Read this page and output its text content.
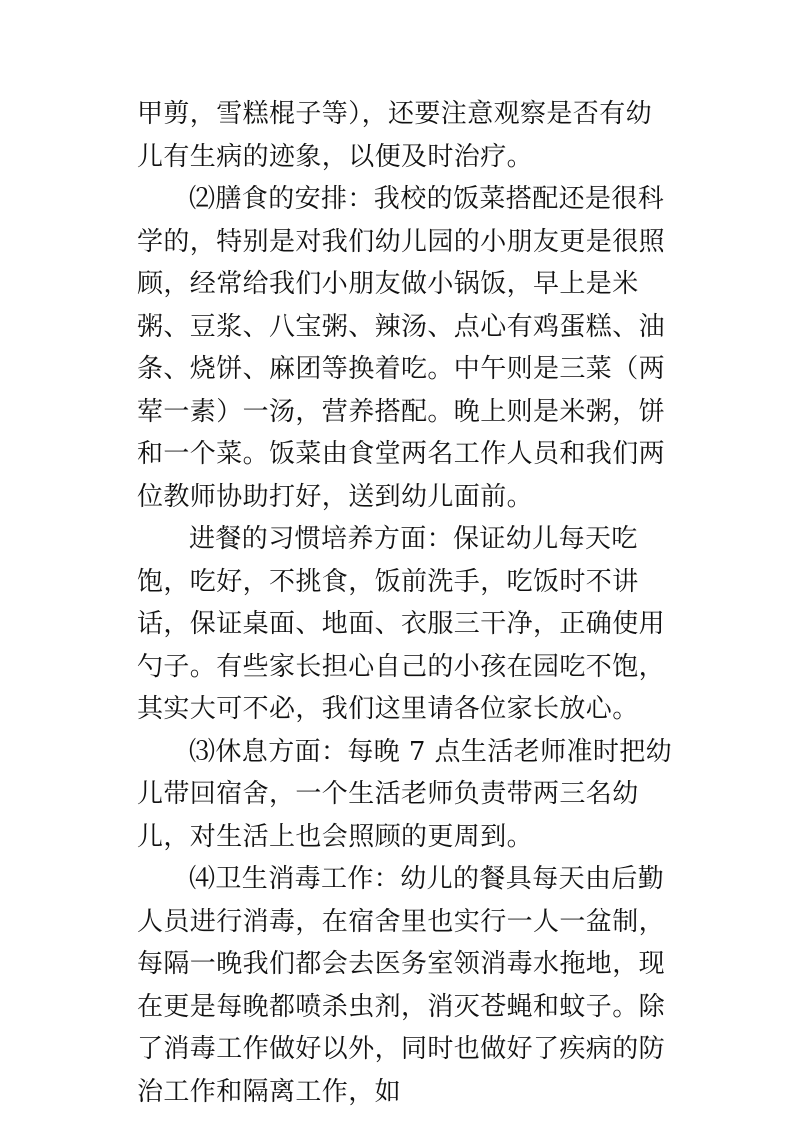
甲剪，雪糕棍子等），还要注意观察是否有幼儿有生病的迹象，以便及时治疗。

⑵膳食的安排：我校的饭菜搭配还是很科学的，特别是对我们幼儿园的小朋友更是很照顾，经常给我们小朋友做小锅饭，早上是米粥、豆浆、八宝粥、辣汤、点心有鸡蛋糕、油条、烧饼、麻团等换着吃。中午则是三菜（两荤一素）一汤，营养搭配。晚上则是米粥，饼和一个菜。饭菜由食堂两名工作人员和我们两位教师协助打好，送到幼儿面前。

进餐的习惯培养方面：保证幼儿每天吃饱，吃好，不挑食，饭前洗手，吃饭时不讲话，保证桌面、地面、衣服三干净，正确使用勺子。有些家长担心自己的小孩在园吃不饱，其实大可不必，我们这里请各位家长放心。

⑶休息方面：每晚 7 点生活老师准时把幼儿带回宿舍，一个生活老师负责带两三名幼儿，对生活上也会照顾的更周到。

⑷卫生消毒工作：幼儿的餐具每天由后勤人员进行消毒，在宿舍里也实行一人一盆制，每隔一晚我们都会去医务室领消毒水拖地，现在更是每晚都喷杀虫剂，消灭苍蝇和蚊子。除了消毒工作做好以外，同时也做好了疾病的防治工作和隔离工作，如
